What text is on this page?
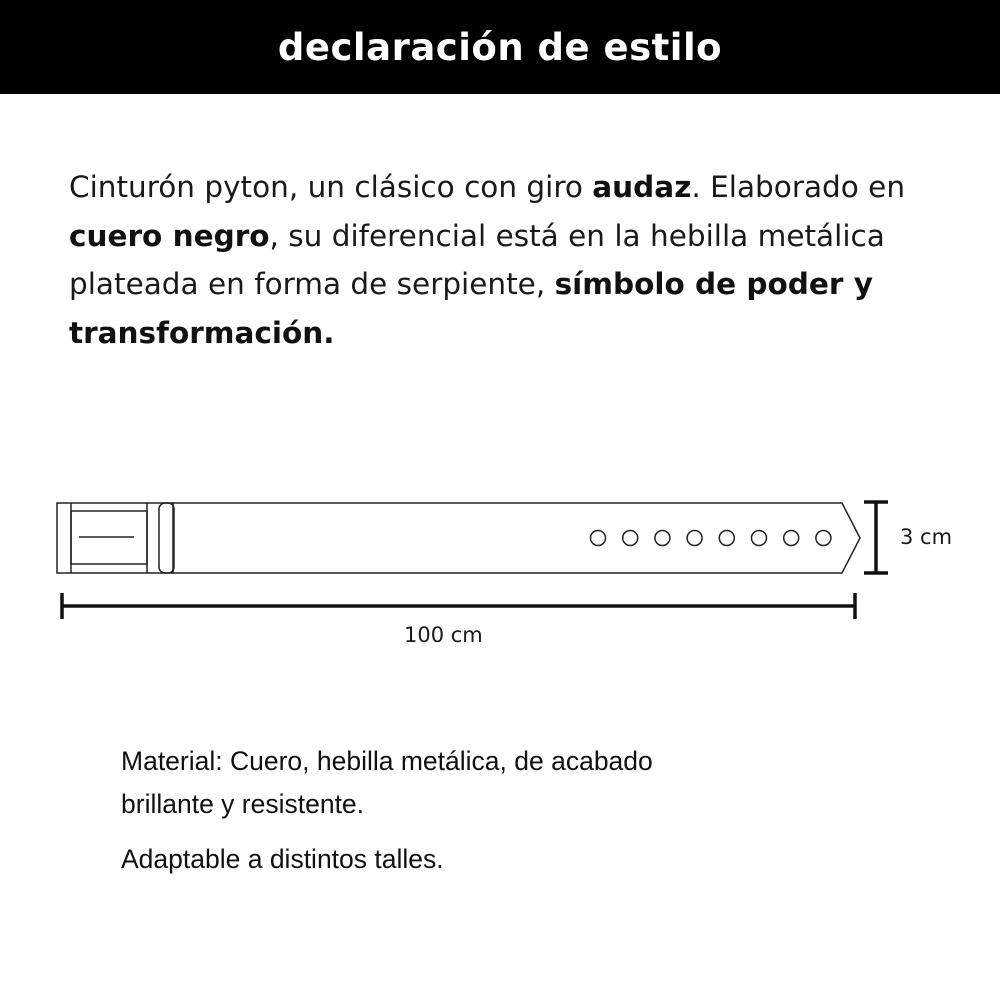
declaración de estilo

Cinturón pyton, un clásico con giro audaz. Elaborado en cuero negro, su diferencial está en la hebilla metálica plateada en forma de serpiente, símbolo de poder y transformación.

3 cm
100 cm

Material: Cuero, hebilla metálica, de acabado brillante y resistente.

Adaptable a distintos talles.
